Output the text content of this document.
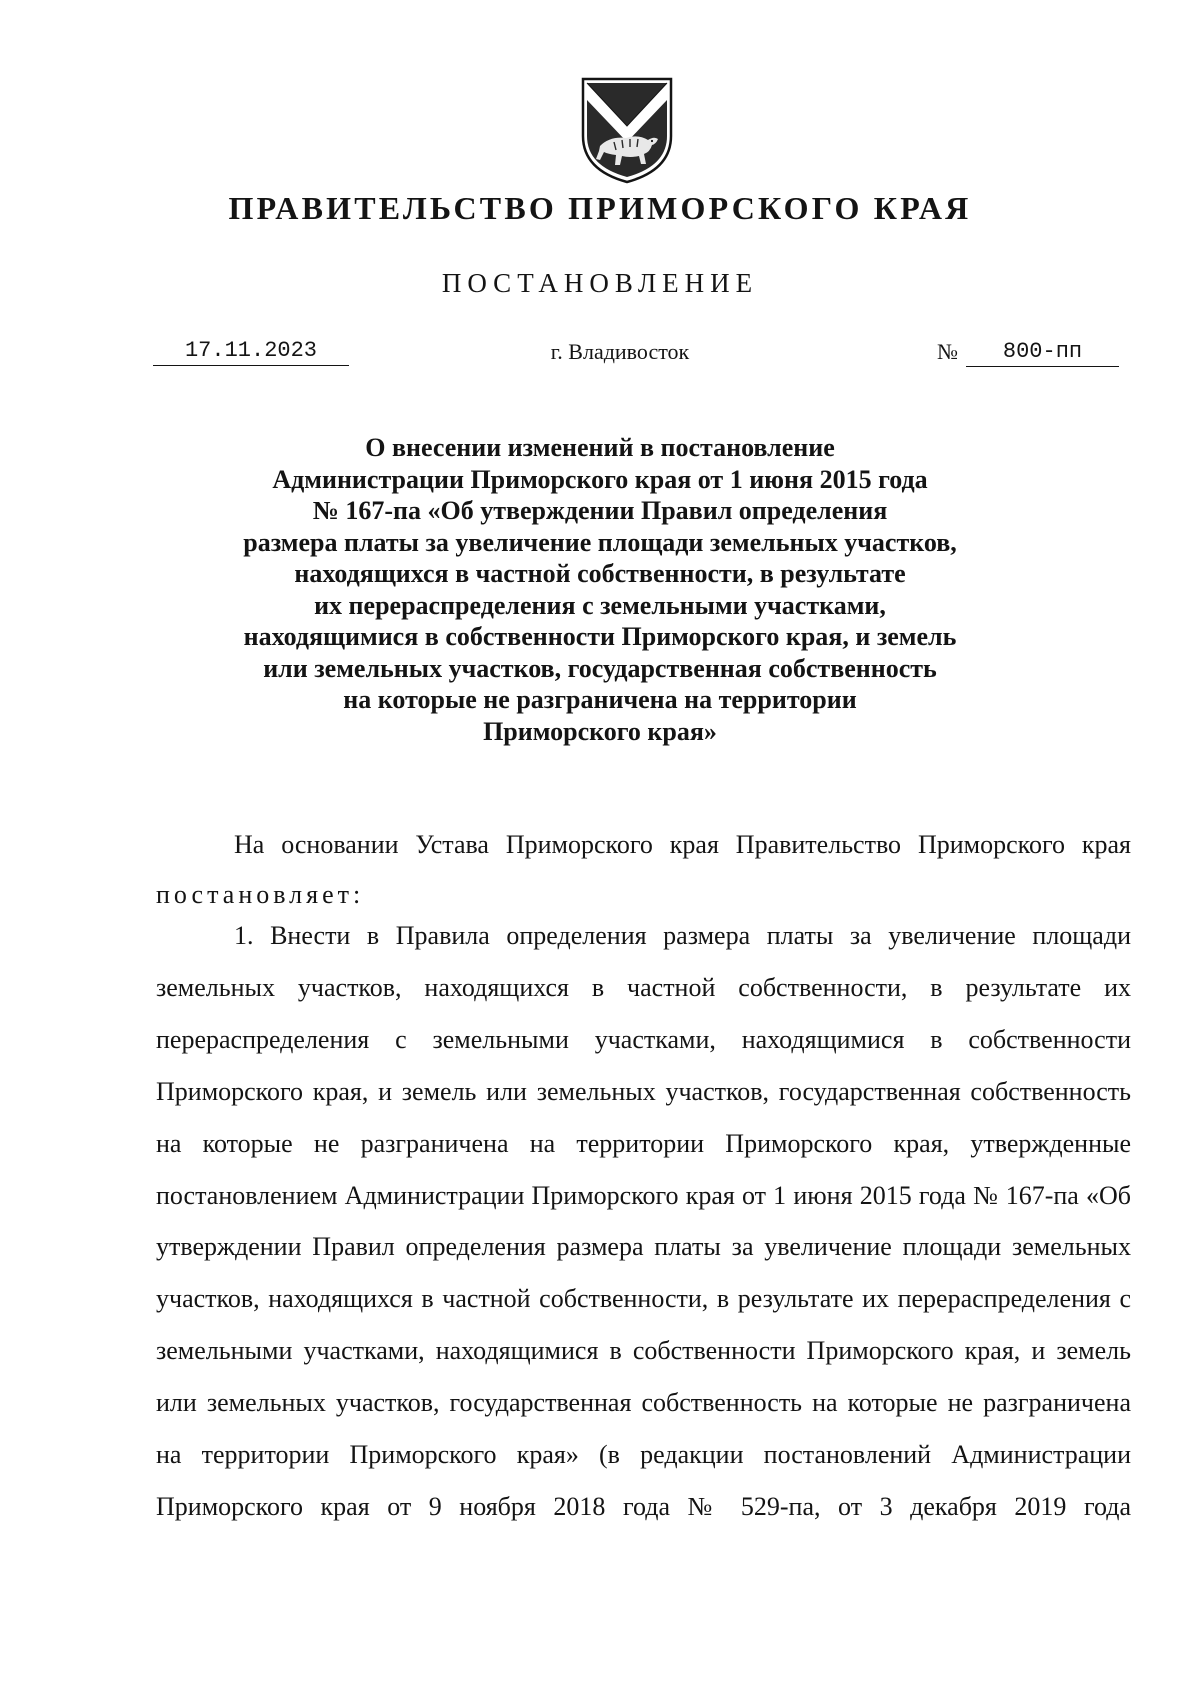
ПРАВИТЕЛЬСТВО ПРИМОРСКОГО КРАЯ
ПОСТАНОВЛЕНИЕ
17.11.2023	г. Владивосток	№	800-пп
О внесении изменений в постановление
Администрации Приморского края от 1 июня 2015 года
№ 167-па «Об утверждении Правил определения
размера платы за увеличение площади земельных участков,
находящихся в частной собственности, в результате
их перераспределения с земельными участками,
находящимися в собственности Приморского края, и земель
или земельных участков, государственная собственность
на которые не разграничена на территории
Приморского края»
На основании Устава Приморского края Правительство Приморского края
постановляет:
1. Внести в Правила определения размера платы за увеличение площади земельных участков, находящихся в частной собственности, в результате их перераспределения с земельными участками, находящимися в собственности Приморского края, и земель или земельных участков, государственная собственность на которые не разграничена на территории Приморского края, утвержденные постановлением Администрации Приморского края от 1 июня 2015 года № 167-па «Об утверждении Правил определения размера платы за увеличение площади земельных участков, находящихся в частной собственности, в результате их перераспределения с земельными участками, находящимися в собственности Приморского края, и земель или земельных участков, государственная собственность на которые не разграничена на территории Приморского края» (в редакции постановлений Администрации Приморского края от 9 ноября 2018 года № 529-па, от 3 декабря 2019 года
